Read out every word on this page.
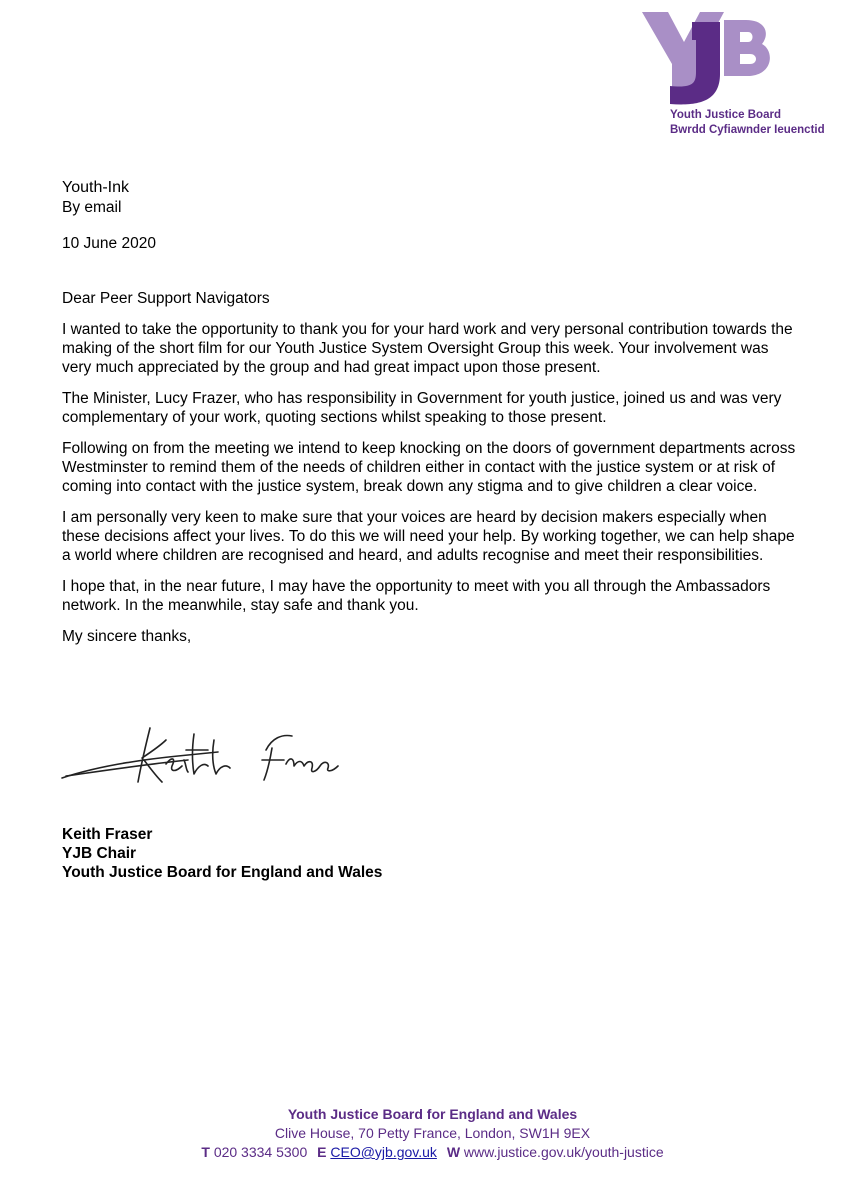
Youth Justice Board
Bwrdd Cyfiawnder Ieuenctid

Youth-Ink

By email

10 June 2020

Dear Peer Support Navigators

I wanted to take the opportunity to thank you for your hard work and very personal contribution towards the making of the short film for our Youth Justice System Oversight Group this week. Your involvement was very much appreciated by the group and had great impact upon those present.

The Minister, Lucy Frazer, who has responsibility in Government for youth justice, joined us and was very complementary of your work, quoting sections whilst speaking to those present.

Following on from the meeting we intend to keep knocking on the doors of government departments across Westminster to remind them of the needs of children either in contact with the justice system or at risk of coming into contact with the justice system, break down any stigma and to give children a clear voice.

I am personally very keen to make sure that your voices are heard by decision makers especially when these decisions affect your lives. To do this we will need your help. By working together, we can help shape a world where children are recognised and heard, and adults recognise and meet their responsibilities.

I hope that, in the near future, I may have the opportunity to meet with you all through the Ambassadors network. In the meanwhile, stay safe and thank you.

My sincere thanks,

Keith Fraser

YJB Chair

Youth Justice Board for England and Wales

Youth Justice Board for England and Wales

Clive House, 70 Petty France, London, SW1H 9EX

T 020 3334 5300 E CEO@yjb.gov.uk W www.justice.gov.uk/youth-justice
